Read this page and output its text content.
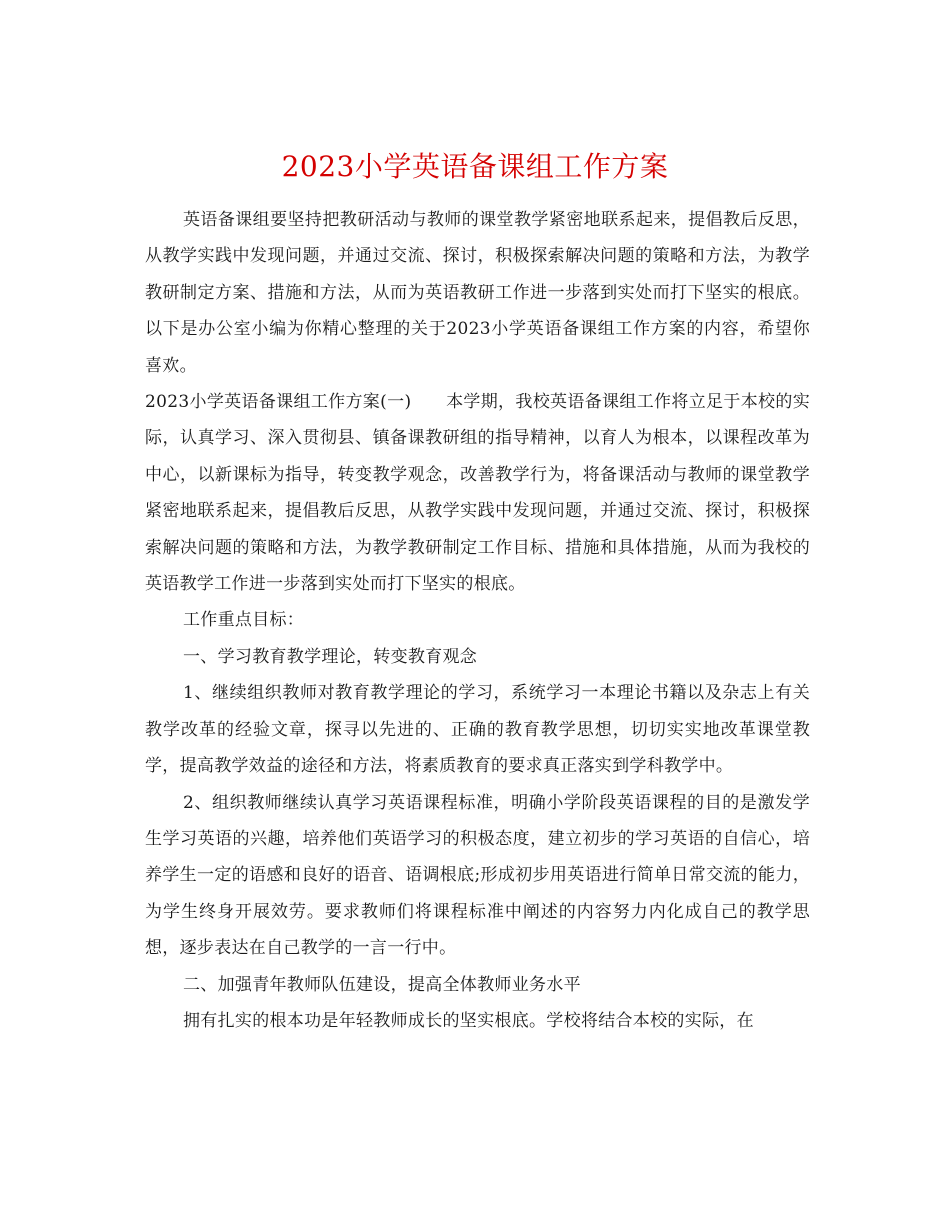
2023小学英语备课组工作方案

英语备课组要坚持把教研活动与教师的课堂教学紧密地联系起来，提倡教后反思，从教学实践中发现问题，并通过交流、探讨，积极探索解决问题的策略和方法，为教学教研制定方案、措施和方法，从而为英语教研工作进一步落到实处而打下坚实的根底。以下是办公室小编为你精心整理的关于2023小学英语备课组工作方案的内容，希望你喜欢。

2023小学英语备课组工作方案(一)　　本学期，我校英语备课组工作将立足于本校的实际，认真学习、深入贯彻县、镇备课教研组的指导精神，以育人为根本，以课程改革为中心，以新课标为指导，转变教学观念，改善教学行为，将备课活动与教师的课堂教学紧密地联系起来，提倡教后反思，从教学实践中发现问题，并通过交流、探讨，积极探索解决问题的策略和方法，为教学教研制定工作目标、措施和具体措施，从而为我校的英语教学工作进一步落到实处而打下坚实的根底。

工作重点目标：

一、学习教育教学理论，转变教育观念

1、继续组织教师对教育教学理论的学习，系统学习一本理论书籍以及杂志上有关教学改革的经验文章，探寻以先进的、正确的教育教学思想，切切实实地改革课堂教学，提高教学效益的途径和方法，将素质教育的要求真正落实到学科教学中。

2、组织教师继续认真学习英语课程标准，明确小学阶段英语课程的目的是激发学生学习英语的兴趣，培养他们英语学习的积极态度，建立初步的学习英语的自信心，培养学生一定的语感和良好的语音、语调根底;形成初步用英语进行简单日常交流的能力，为学生终身开展效劳。要求教师们将课程标准中阐述的内容努力内化成自己的教学思想，逐步表达在自己教学的一言一行中。

二、加强青年教师队伍建设，提高全体教师业务水平

拥有扎实的根本功是年轻教师成长的坚实根底。学校将结合本校的实际，在
